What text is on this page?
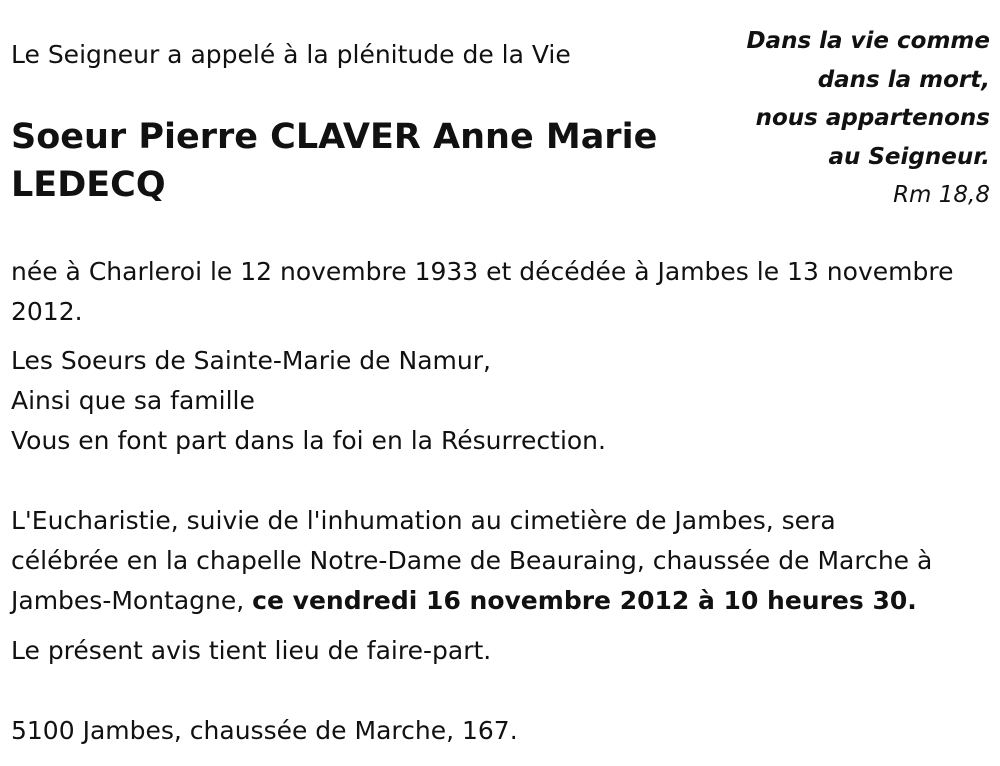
Le Seigneur a appelé à la plénitude de la Vie

Soeur Pierre CLAVER Anne Marie
LEDECQ
Dans la vie comme
dans la mort,
nous appartenons
au Seigneur.
Rm 18,8
née à Charleroi le 12 novembre 1933 et décédée à Jambes le 13 novembre
2012.
Les Soeurs de Sainte-Marie de Namur,
Ainsi que sa famille
Vous en font part dans la foi en la Résurrection.
L'Eucharistie, suivie de l'inhumation au cimetière de Jambes, sera
célébrée en la chapelle Notre-Dame de Beauraing, chaussée de Marche à
Jambes-Montagne, ce vendredi 16 novembre 2012 à 10 heures 30.

Le présent avis tient lieu de faire-part.

5100 Jambes, chaussée de Marche, 167.
